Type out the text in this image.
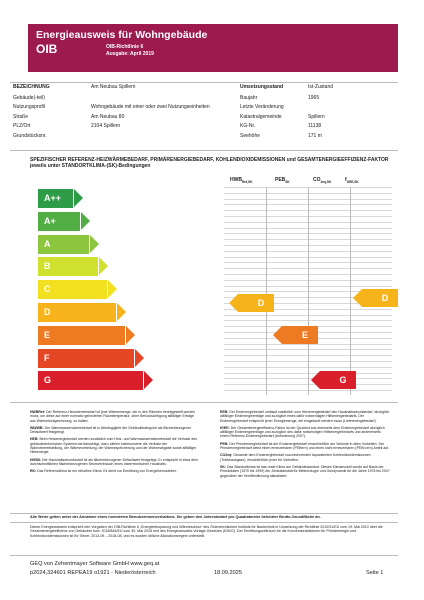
Energieausweis für Wohngebäude
OIB	OIB-Richtlinie 6
Ausgabe: April 2019
BEZEICHNUNG	Am Neubau Spillern
Gebäude(-teil)
Nutzungsprofil	Wohngebäude mit einer oder zwei Nutzungseinheiten
Straße	Am Neubau 80
PLZ/Ort	2104 Spillern
Grundstücksnr.
Umsetzungsstand	Ist-Zustand
Baujahr	1965
Letzte Veränderung
Katastralgemeinde	Spillern
KG-Nr.	11138
Seehöhe	171 m
SPEZIFISCHER REFERENZ-HEIZWÄRMEBEDARF, PRIMÄRENERGIEBEDARF, KOHLENDIOXIDEMISSIONEN und GESAMTENERGIEEFFIZIENZ-FAKTOR jeweils unter STANDORTKLIMA-(SK)-Bedingungen
$HWB_{Ref,SK}$	$PEB_{SK}$	$CO_{2eq,SK}$	$f_{GEE,SK}$
A++
A+
A
B
C
D
E
F
G
D
E
G
D

HWBRef: Der Referenz-Heizwärmebedarf ist jene Wärmemenge, die in den Räumen bereitgestellt werden muss, um diese auf einer normativ geforderten Raumtemperatur, ohne Berücksichtigung allfälliger Erträge aus Wärmerückgewinnung, zu halten.

WWWB: Der Warmwasserwärmebedarf ist in Abhängigkeit der Gebäudekategorie als flächenbezogener Defaultwert festgelegt.

HEB: Beim Heizenergiebedarf werden zusätzlich zum Heiz- und Warmwasserwärmebedarf die Verluste des gebäudetechnischen Systems berücksichtigt, dazu zählen insbesondere die Verluste der Wärmebereitstellung, der Wärmeverteilung, der Wärmespeicherung und der Wärmeabgabe sowie allfälliger Hilfsenergie.

HHSB: Der Haushaltsstrombedarf ist als flächenbezogener Defaultwert festgelegt. Er entspricht in etwa dem durchschnittlichen flächenbezogenen Stromverbrauch eines österreichischen Haushalts.

RK: Das Referenzklima ist ein virtuelles Klima. Es dient zur Ermittlung von Energiekennzahlen.

EEB: Der Endenergiebedarf umfasst zusätzlich zum Heizenergiebedarf den Haushaltsstrombedarf, abzüglich allfälliger Endenergieerträge und zuzüglich eines dafür notwendigen Hilfsenergiebedarfs. Der Endenergiebedarf entspricht jener Energiemenge, die eingekauft werden muss (Lieferenergiebedarf).

fGEE: Der Gesamtenergieeffizienz-Faktor ist der Quotient aus einerseits dem Endenergiebedarf abzüglich allfälliger Endenergieerträge und zuzüglich des dafür notwendigen Hilfsenergiebedarfs und andererseits einem Referenz-Endenergiebedarf (Anforderung 2007).

PEB: Der Primärenergiebedarf ist der Endenergiebedarf einschließlich der Verluste in allen Vorketten. Der Primärenergiebedarf weist einen erneuerbaren (PEBern) und einen nicht erneuerbaren (PEBn.ern) Anteil auf.

CO2eq: Gesamte dem Endenergiebedarf zuzurechnenden äquivalenten Kohlendioxidemissionen (Treibhausgase), einschließlich jener für Vorketten.

SK: Das Standortklima ist das reale Klima am Gebäudestandort. Dieses Klimamodell wurde auf Basis der Primärdaten (1970 bis 1999) der Zentralanstalt für Meteorologie und Geodynamik für die Jahre 1978 bis 2007 gegenüber der Veröffentlichung aktualisiert.

Alle Werte gelten unter der Annahme eines normierten Benutzerinnenverhaltens. Sie geben den Jahresbedarf pro Quadratmeter beheizter Brutto-Grundfläche an.
Dieser Energieausweis entspricht den Vorgaben der OIB-Richtlinie 6 „Energieeinsparung und Wärmeschutz“ des Österreichischen Instituts für Bautechnik in Umsetzung der Richtlinie 2010/31/EU vom 19. Mai 2010 über die Gesamtenergieeffizienz von Gebäuden bzw. 2018/844/EU vom 30. Mai 2018 und des Energieausweis-Vorlage-Gesetzes (EAVG). Der Ermittlungszeitraum für die Konversionsfaktoren für Primärenergie und Kohlendioxidemissionen ist für Strom: 2013-09 – 2018-08, und es wurden übliche Allokationsregeln unterstellt.
GEQ von Zehentmayer Software GmbH www.geq.at
p2024,324601 REPEA19 o1921 - Niederösterreich	18.09.2025	Seite 1
